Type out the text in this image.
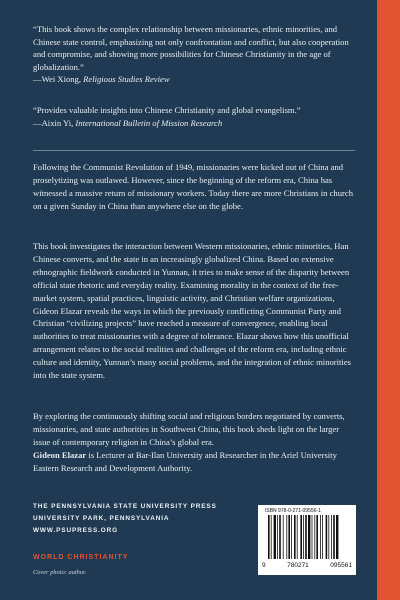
“This book shows the complex relationship between missionaries, ethnic minorities, and Chinese state control, emphasizing not only confrontation and conflict, but also cooperation and compromise, and showing more possibilities for Chinese Christianity in the age of globalization.”
—Wei Xiong, Religious Studies Review

“Provides valuable insights into Chinese Christianity and global evangelism.”
—Aixin Yi, International Bulletin of Mission Research

Following the Communist Revolution of 1949, missionaries were kicked out of China and proselytizing was outlawed. However, since the beginning of the reform era, China has witnessed a massive return of missionary workers. Today there are more Christians in church on a given Sunday in China than anywhere else on the globe.

This book investigates the interaction between Western missionaries, ethnic minorities, Han Chinese converts, and the state in an increasingly globalized China. Based on extensive ethnographic fieldwork conducted in Yunnan, it tries to make sense of the disparity between official state rhetoric and everyday reality. Examining morality in the context of the free-market system, spatial practices, linguistic activity, and Christian welfare organizations, Gideon Elazar reveals the ways in which the previously conflicting Communist Party and Christian “civilizing projects” have reached a measure of convergence, enabling local authorities to treat missionaries with a degree of tolerance. Elazar shows how this unofficial arrangement relates to the social realities and challenges of the reform era, including ethnic culture and identity, Yunnan’s many social problems, and the integration of ethnic minorities into the state system.

By exploring the continuously shifting social and religious borders negotiated by converts, missionaries, and state authorities in Southwest China, this book sheds light on the larger issue of contemporary religion in China’s global era.

Gideon Elazar is Lecturer at Bar-Ilan University and Researcher in the Ariel University Eastern Research and Development Authority.

THE PENNSYLVANIA STATE UNIVERSITY PRESS
UNIVERSITY PARK, PENNSYLVANIA
WWW.PSUPRESS.ORG
WORLD CHRISTIANITY
Cover photo: author.
ISBN 978-0-271-09556-1
9	780271	095561
